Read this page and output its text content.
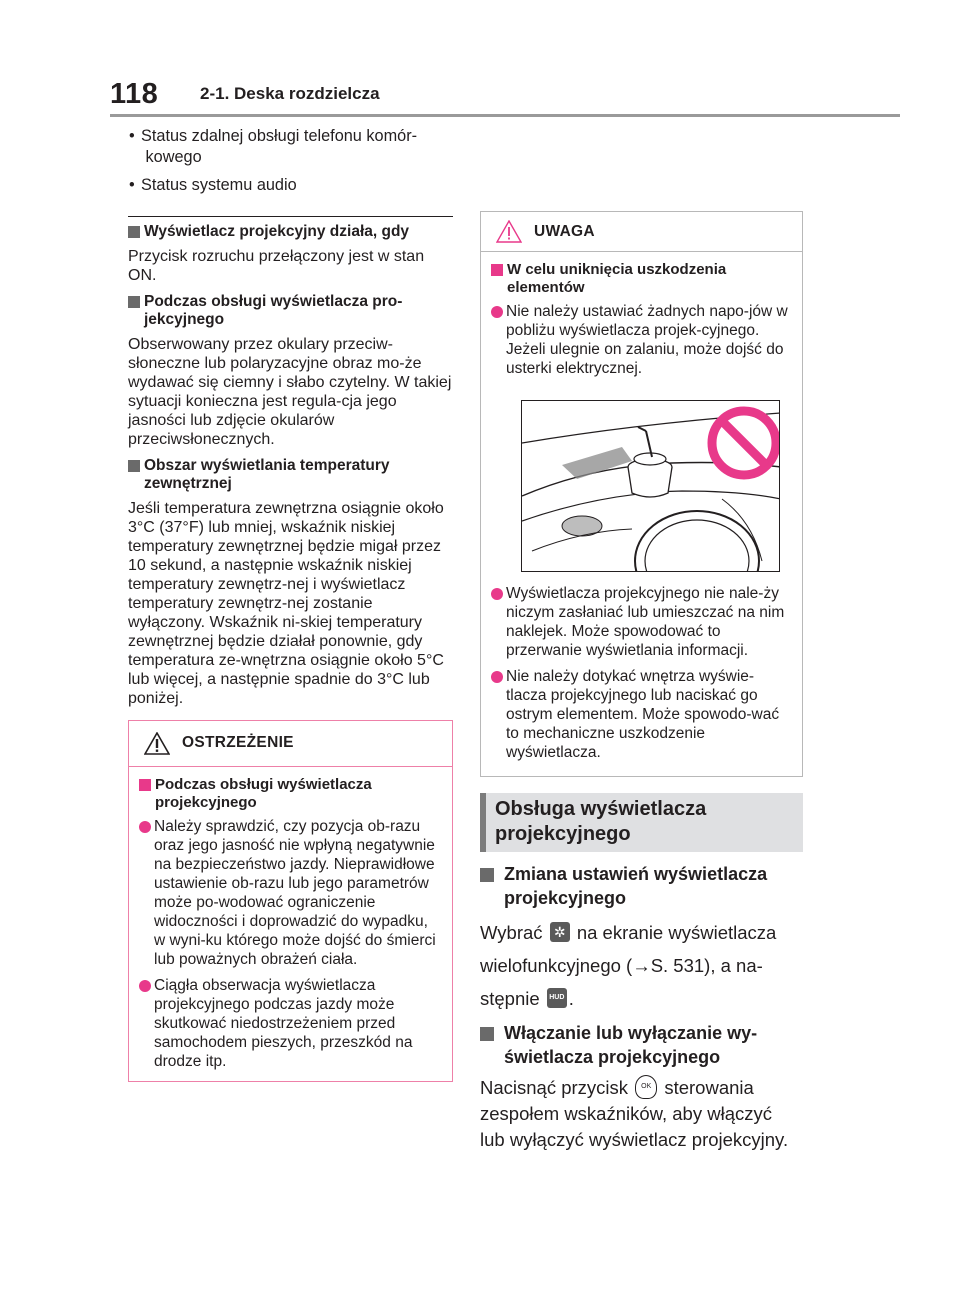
118 2-1. Deska rozdzielcza
• Status zdalnej obsługi telefonu komór- kowego
• Status systemu audio
Wyświetlacz projekcyjny działa, gdy
Przycisk rozruchu przełączony jest w stan ON.
Podczas obsługi wyświetlacza pro-jekcyjnego
Obserwowany przez okulary przeciw-słoneczne lub polaryzacyjne obraz mo-że wydawać się ciemny i słabo czytelny. W takiej sytuacji konieczna jest regula-cja jego jasności lub zdjęcie okularów przeciwsłonecznych.
Obszar wyświetlania temperatury zewnętrznej
Jeśli temperatura zewnętrzna osiągnie około 3°C (37°F) lub mniej, wskaźnik niskiej temperatury zewnętrznej będzie migał przez 10 sekund, a następnie wskaźnik niskiej temperatury zewnętrz-nej i wyświetlacz temperatury zewnętrz-nej zostanie wyłączony. Wskaźnik ni-skiej temperatury zewnętrznej będzie działał ponownie, gdy temperatura ze-wnętrzna osiągnie około 5°C lub więcej, a następnie spadnie do 3°C lub poniżej.
OSTRZEŻENIE
Podczas obsługi wyświetlacza projekcyjnego
Należy sprawdzić, czy pozycja ob-razu oraz jego jasność nie wpłyną negatywnie na bezpieczeństwo jazdy. Nieprawidłowe ustawienie ob-razu lub jego parametrów może po-wodować ograniczenie widoczności i doprowadzić do wypadku, w wyni-ku którego może dojść do śmierci lub poważnych obrażeń ciała.
Ciągła obserwacja wyświetlacza projekcyjnego podczas jazdy może skutkować niedostrzeżeniem przed samochodem pieszych, przeszkód na drodze itp.
UWAGA
W celu uniknięcia uszkodzenia elementów
Nie należy ustawiać żadnych napo-jów w pobliżu wyświetlacza projek-cyjnego. Jeżeli ulegnie on zalaniu, może dojść do usterki elektrycznej.
Wyświetlacza projekcyjnego nie nale-ży niczym zasłaniać lub umieszczać na nim naklejek. Może spowodować to przerwanie wyświetlania informacji.
Nie należy dotykać wnętrza wyświe-tlacza projekcyjnego lub naciskać go ostrym elementem. Może spowodo-wać to mechaniczne uszkodzenie wyświetlacza.
Obsługa wyświetlacza
projekcyjnego
Zmiana ustawień wyświetlacza projekcyjnego
Wybrać ✲ na ekranie wyświetlacza
wielofunkcyjnego (→S. 531), a na-
stępnie HUD .
Włączanie lub wyłączanie wy-świetlacza projekcyjnego
Nacisnąć przycisk OK sterowania
zespołem wskaźników, aby włączyć
lub wyłączyć wyświetlacz projekcyjny.
